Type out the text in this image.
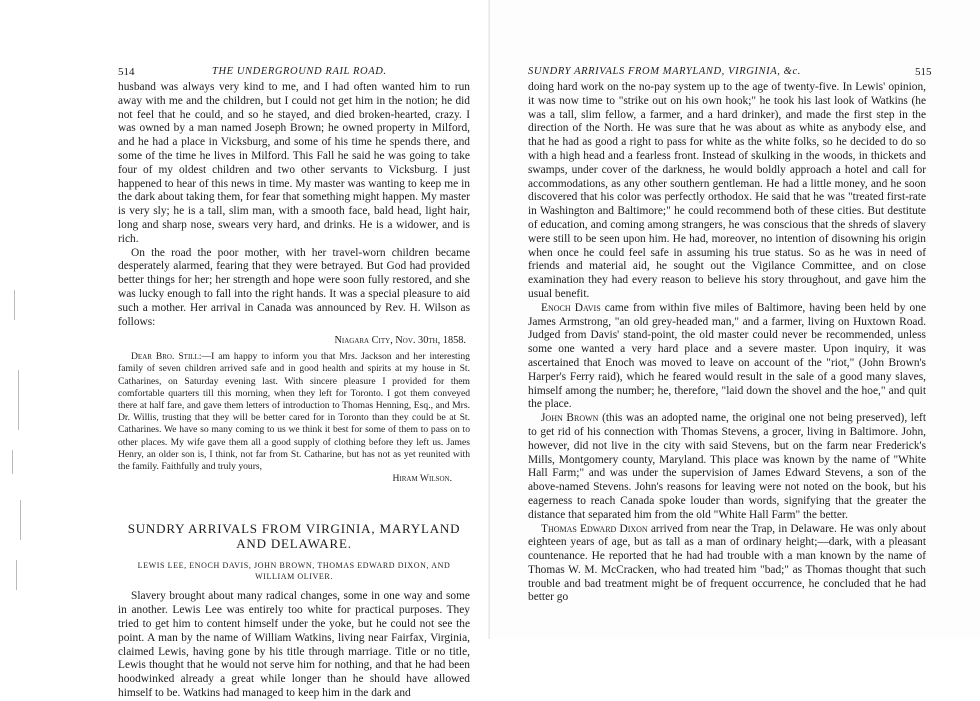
514	THE UNDERGROUND RAIL ROAD.

husband was always very kind to me, and I had often wanted him to run away with me and the children, but I could not get him in the notion; he did not feel that he could, and so he stayed, and died broken-hearted, crazy. I was owned by a man named Joseph Brown; he owned property in Milford, and he had a place in Vicksburg, and some of his time he spends there, and some of the time he lives in Milford. This Fall he said he was going to take four of my oldest children and two other servants to Vicksburg. I just happened to hear of this news in time. My master was wanting to keep me in the dark about taking them, for fear that something might happen. My master is very sly; he is a tall, slim man, with a smooth face, bald head, light hair, long and sharp nose, swears very hard, and drinks. He is a widower, and is rich.

On the road the poor mother, with her travel-worn children became desperately alarmed, fearing that they were betrayed. But God had provided better things for her; her strength and hope were soon fully restored, and she was lucky enough to fall into the right hands. It was a special pleasure to aid such a mother. Her arrival in Canada was announced by Rev. H. Wilson as follows:

Niagara City, Nov. 30th, 1858.

Dear Bro. Still:—I am happy to inform you that Mrs. Jackson and her interesting family of seven children arrived safe and in good health and spirits at my house in St. Catharines, on Saturday evening last. With sincere pleasure I provided for them comfortable quarters till this morning, when they left for Toronto. I got them conveyed there at half fare, and gave them letters of introduction to Thomas Henning, Esq., and Mrs. Dr. Willis, trusting that they will be better cared for in Toronto than they could be at St. Catharines. We have so many coming to us we think it best for some of them to pass on to other places. My wife gave them all a good supply of clothing before they left us. James Henry, an older son is, I think, not far from St. Catharine, but has not as yet reunited with the family. Faithfully and truly yours,

Hiram Wilson.
SUNDRY ARRIVALS FROM VIRGINIA, MARYLAND AND DELAWARE.
LEWIS LEE, ENOCH DAVIS, JOHN BROWN, THOMAS EDWARD DIXON, AND WILLIAM OLIVER.

Slavery brought about many radical changes, some in one way and some in another. Lewis Lee was entirely too white for practical purposes. They tried to get him to content himself under the yoke, but he could not see the point. A man by the name of William Watkins, living near Fairfax, Virginia, claimed Lewis, having gone by his title through marriage. Title or no title, Lewis thought that he would not serve him for nothing, and that he had been hoodwinked already a great while longer than he should have allowed himself to be. Watkins had managed to keep him in the dark and

SUNDRY ARRIVALS FROM MARYLAND, VIRGINIA, &c.	515

doing hard work on the no-pay system up to the age of twenty-five. In Lewis' opinion, it was now time to "strike out on his own hook;" he took his last look of Watkins (he was a tall, slim fellow, a farmer, and a hard drinker), and made the first step in the direction of the North. He was sure that he was about as white as anybody else, and that he had as good a right to pass for white as the white folks, so he decided to do so with a high head and a fearless front. Instead of skulking in the woods, in thickets and swamps, under cover of the darkness, he would boldly approach a hotel and call for accommodations, as any other southern gentleman. He had a little money, and he soon discovered that his color was perfectly orthodox. He said that he was "treated first-rate in Washington and Baltimore;" he could recommend both of these cities. But destitute of education, and coming among strangers, he was conscious that the shreds of slavery were still to be seen upon him. He had, moreover, no intention of disowning his origin when once he could feel safe in assuming his true status. So as he was in need of friends and material aid, he sought out the Vigilance Committee, and on close examination they had every reason to believe his story throughout, and gave him the usual benefit.

Enoch Davis came from within five miles of Baltimore, having been held by one James Armstrong, "an old grey-headed man," and a farmer, living on Huxtown Road. Judged from Davis' stand-point, the old master could never be recommended, unless some one wanted a very hard place and a severe master. Upon inquiry, it was ascertained that Enoch was moved to leave on account of the "riot," (John Brown's Harper's Ferry raid), which he feared would result in the sale of a good many slaves, himself among the number; he, therefore, "laid down the shovel and the hoe," and quit the place.

John Brown (this was an adopted name, the original one not being preserved), left to get rid of his connection with Thomas Stevens, a grocer, living in Baltimore. John, however, did not live in the city with said Stevens, but on the farm near Frederick's Mills, Montgomery county, Maryland. This place was known by the name of "White Hall Farm;" and was under the supervision of James Edward Stevens, a son of the above-named Stevens. John's reasons for leaving were not noted on the book, but his eagerness to reach Canada spoke louder than words, signifying that the greater the distance that separated him from the old "White Hall Farm" the better.

Thomas Edward Dixon arrived from near the Trap, in Delaware. He was only about eighteen years of age, but as tall as a man of ordinary height;—dark, with a pleasant countenance. He reported that he had had trouble with a man known by the name of Thomas W. M. McCracken, who had treated him "bad;" as Thomas thought that such trouble and bad treatment might be of frequent occurrence, he concluded that he had better go
